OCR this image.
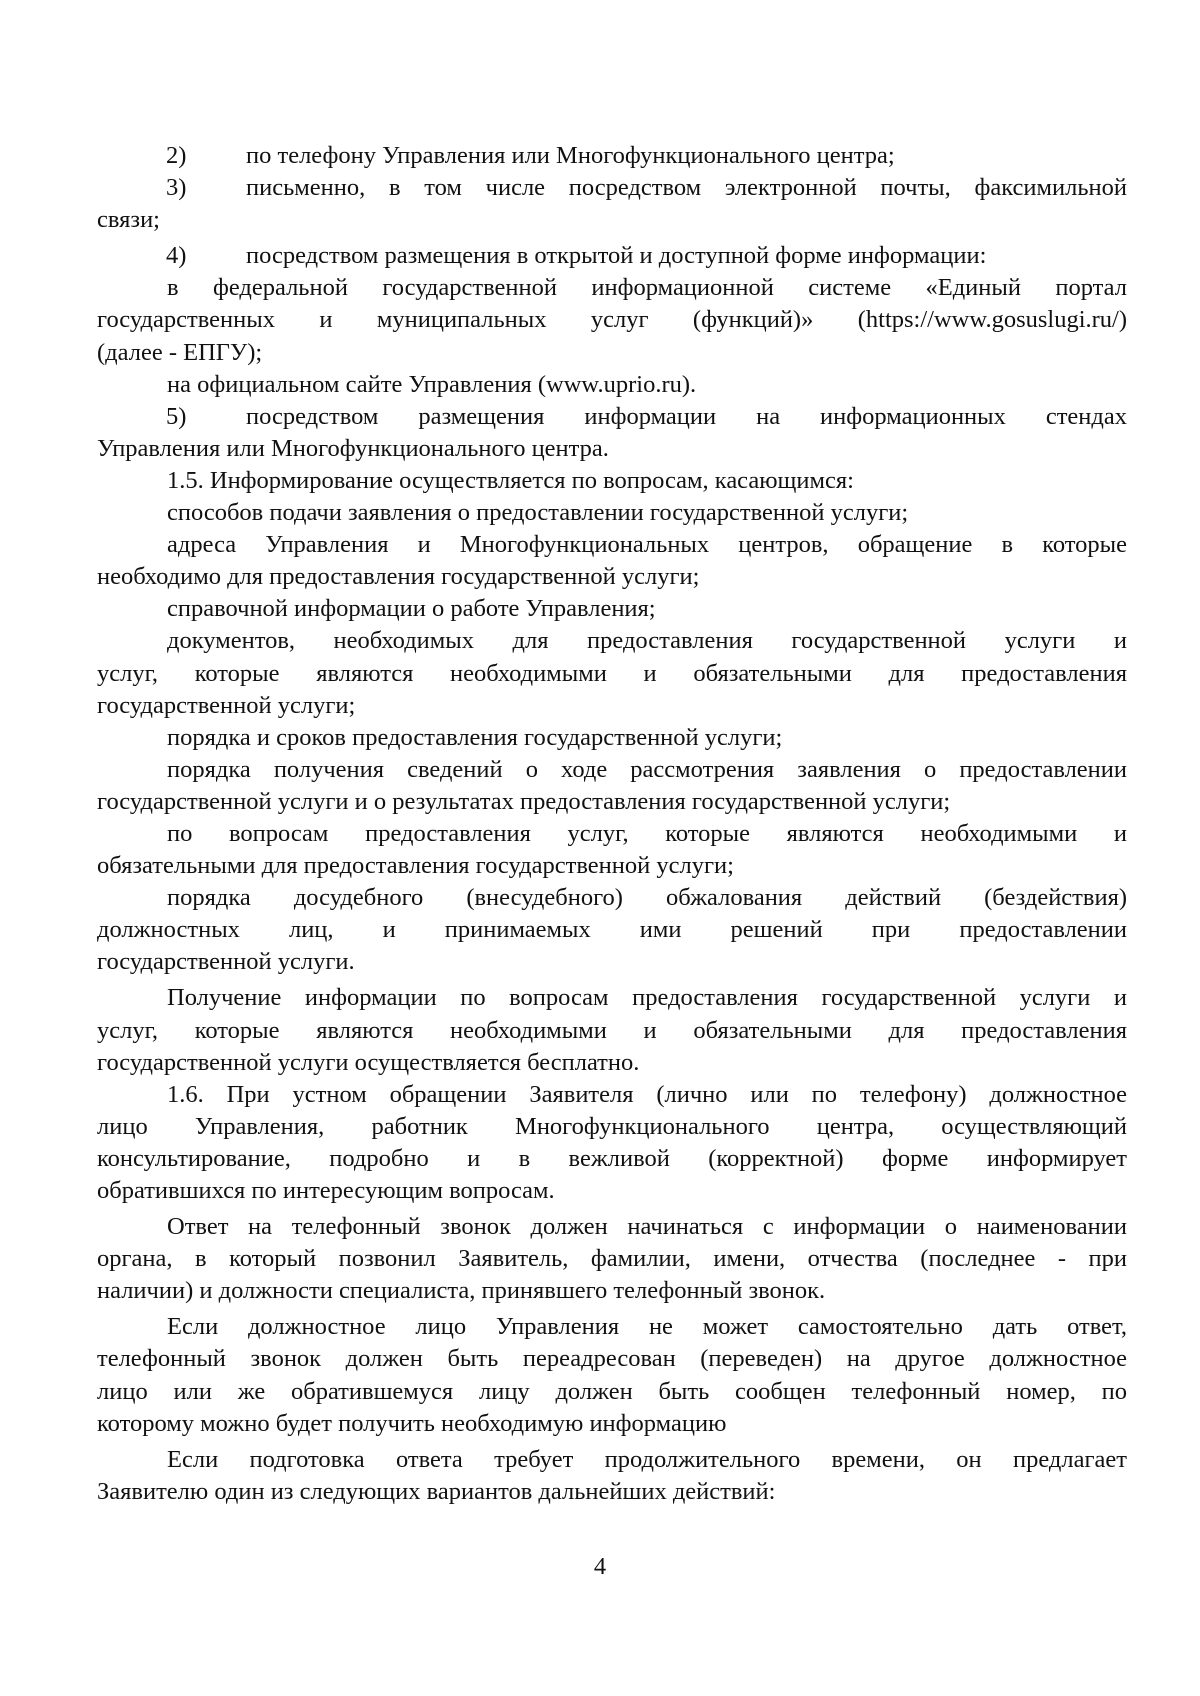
2) по телефону Управления или Многофункционального центра;
3) письменно, в том числе посредством электронной почты, факсимильной
связи;
4) посредством размещения в открытой и доступной форме информации:
в федеральной государственной информационной системе «Единый портал
государственных и муниципальных услуг (функций)» (https://www.gosuslugi.ru/)
(далее - ЕПГУ);
на официальном сайте Управления (www.uprio.ru).
5) посредством размещения информации на информационных стендах
Управления или Многофункционального центра.
1.5. Информирование осуществляется по вопросам, касающимся:
способов подачи заявления о предоставлении государственной услуги;
адреса Управления и Многофункциональных центров, обращение в которые
необходимо для предоставления государственной услуги;
справочной информации о работе Управления;
документов, необходимых для предоставления государственной услуги и
услуг, которые являются необходимыми и обязательными для предоставления
государственной услуги;
порядка и сроков предоставления государственной услуги;
порядка получения сведений о ходе рассмотрения заявления о предоставлении
государственной услуги и о результатах предоставления государственной услуги;
по вопросам предоставления услуг, которые являются необходимыми и
обязательными для предоставления государственной услуги;
порядка досудебного (внесудебного) обжалования действий (бездействия)
должностных лиц, и принимаемых ими решений при предоставлении
государственной услуги.
Получение информации по вопросам предоставления государственной услуги и
услуг, которые являются необходимыми и обязательными для предоставления
государственной услуги осуществляется бесплатно.
1.6. При устном обращении Заявителя (лично или по телефону) должностное
лицо Управления, работник Многофункционального центра, осуществляющий
консультирование, подробно и в вежливой (корректной) форме информирует
обратившихся по интересующим вопросам.
Ответ на телефонный звонок должен начинаться с информации о наименовании
органа, в который позвонил Заявитель, фамилии, имени, отчества (последнее - при
наличии) и должности специалиста, принявшего телефонный звонок.
Если должностное лицо Управления не может самостоятельно дать ответ,
телефонный звонок должен быть переадресован (переведен) на другое должностное
лицо или же обратившемуся лицу должен быть сообщен телефонный номер, по
которому можно будет получить необходимую информацию
Если подготовка ответа требует продолжительного времени, он предлагает
Заявителю один из следующих вариантов дальнейших действий:
4
